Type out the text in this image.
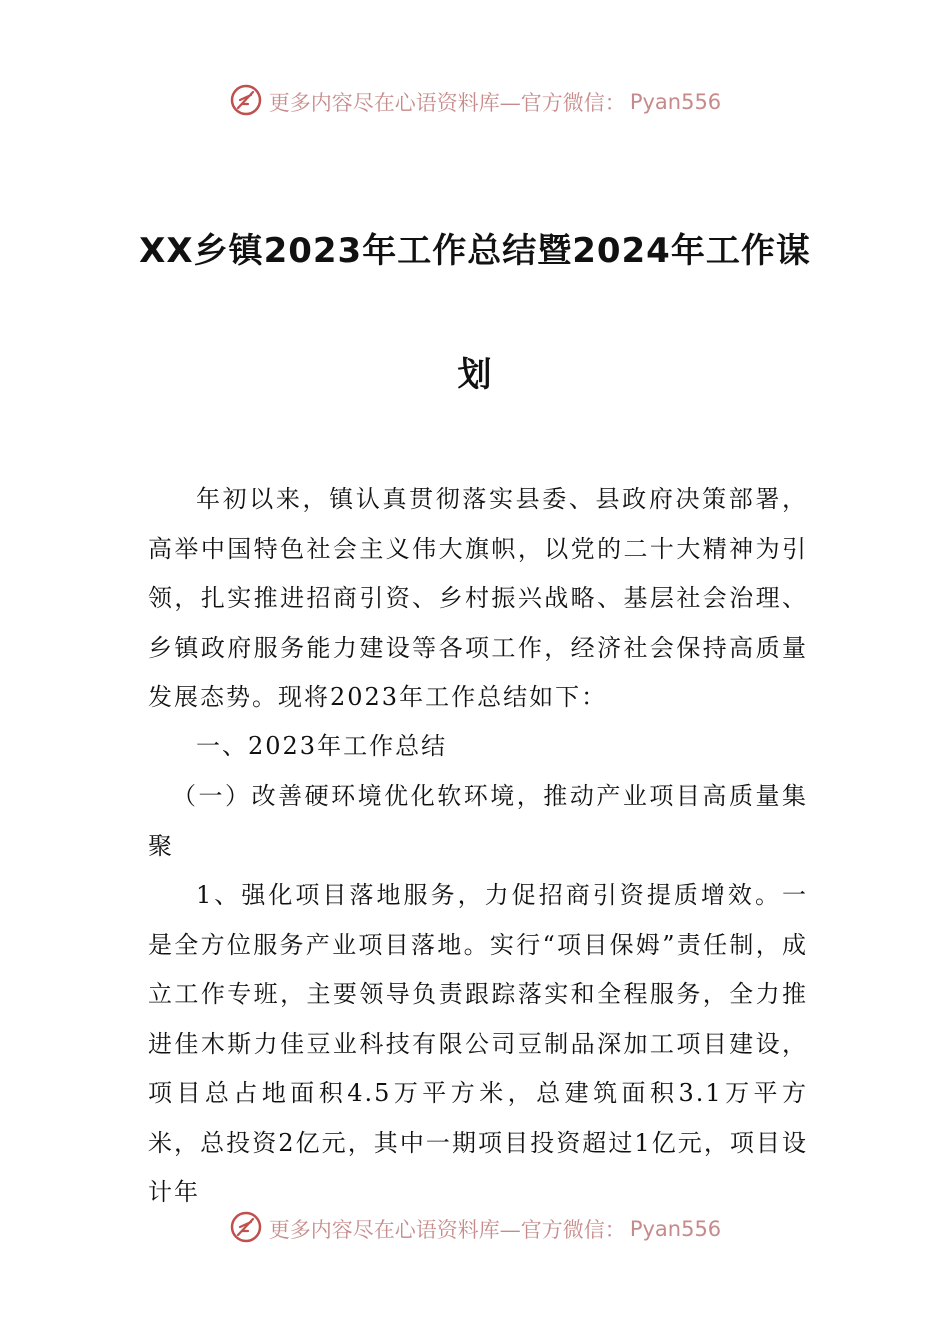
更多内容尽在心语资料库—官方微信： Pyan556
XX乡镇2023年工作总结暨2024年工作谋
划

年初以来，镇认真贯彻落实县委、县政府决策部署，高举中国特色社会主义伟大旗帜，以党的二十大精神为引领，扎实推进招商引资、乡村振兴战略、基层社会治理、乡镇政府服务能力建设等各项工作，经济社会保持高质量发展态势。现将2023年工作总结如下：

一、2023年工作总结

（一）改善硬环境优化软环境，推动产业项目高质量集聚

1、强化项目落地服务，力促招商引资提质增效。一是全方位服务产业项目落地。实行“项目保姆”责任制，成立工作专班，主要领导负责跟踪落实和全程服务，全力推进佳木斯力佳豆业科技有限公司豆制品深加工项目建设，项目总占地面积4.5万平方米，总建筑面积3.1万平方米，总投资2亿元，其中一期项目投资超过1亿元，项目设计年

更多内容尽在心语资料库—官方微信： Pyan556
